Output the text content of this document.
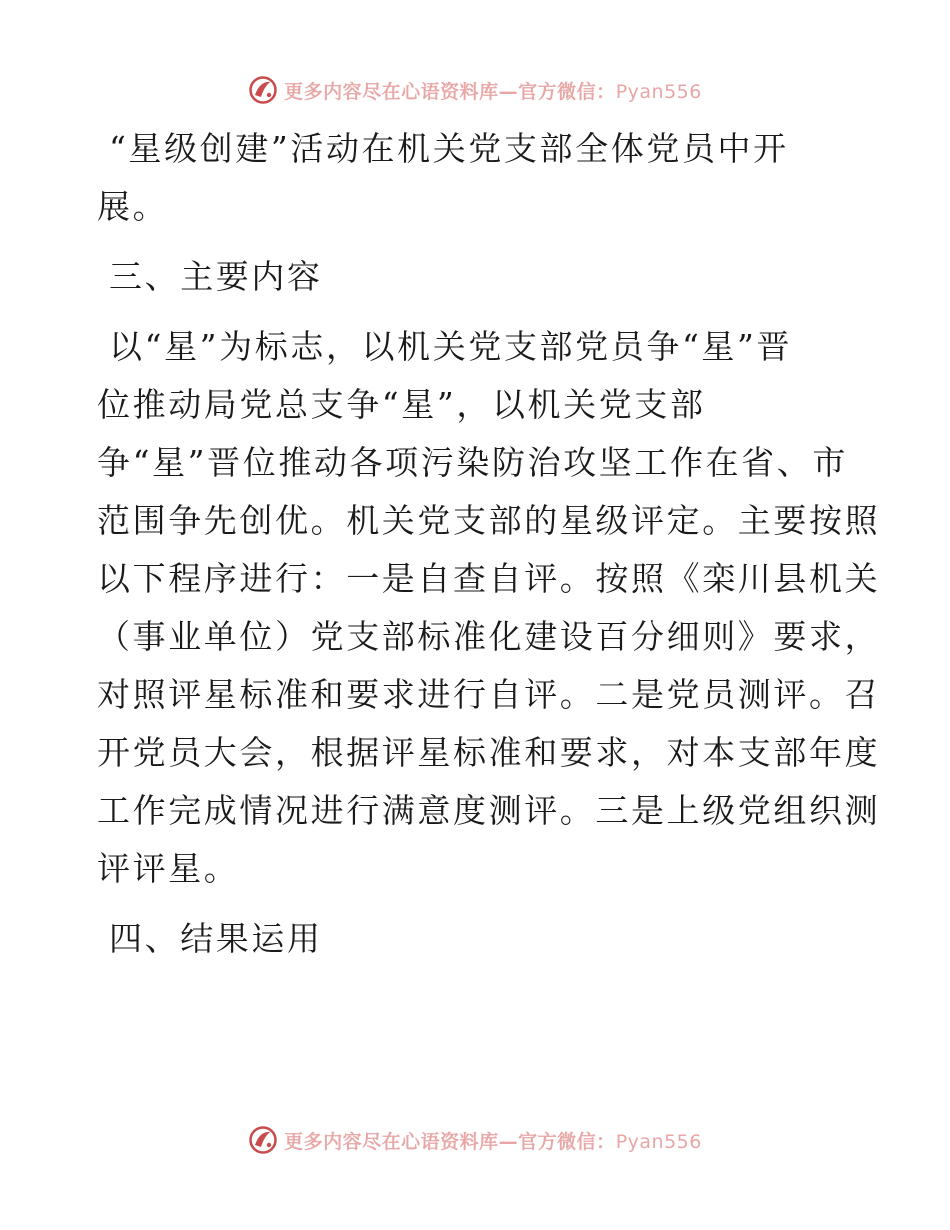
更多内容尽在心语资料库—官方微信：Pyan556
“星级创建”活动在机关党支部全体党员中开
展。
三、主要内容
以“星”为标志，以机关党支部党员争“星”晋
位推动局党总支争“星”，以机关党支部
争“星”晋位推动各项污染防治攻坚工作在省、市
范围争先创优。机关党支部的星级评定。主要按照
以下程序进行：一是自查自评。按照《栾川县机关
（事业单位）党支部标准化建设百分细则》要求，
对照评星标准和要求进行自评。二是党员测评。召
开党员大会，根据评星标准和要求，对本支部年度
工作完成情况进行满意度测评。三是上级党组织测
评评星。
四、结果运用
更多内容尽在心语资料库—官方微信：Pyan556
